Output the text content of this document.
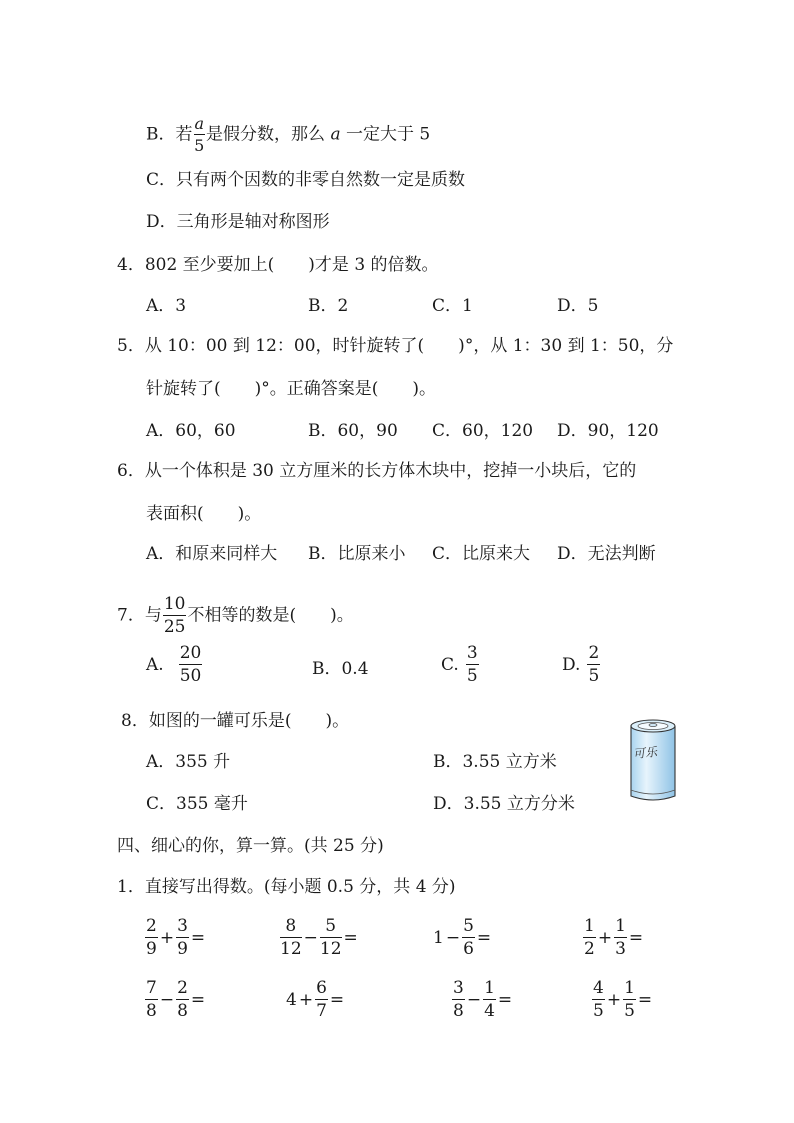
B．若 $\frac{a}{5}$ 是假分数，那么 a 一定大于 5
C．只有两个因数的非零自然数一定是质数
D．三角形是轴对称图形
4．802 至少要加上(　　)才是 3 的倍数。
A．3	B．2	C．1	D．5
5．从 10：00 到 12：00，时针旋转了(　　)°，从 1：30 到 1：50，分
针旋转了(　　)°。正确答案是(　　)。
A．60，60	B．60，90 C．60，120 D．90，120
6．从一个体积是 30 立方厘米的长方体木块中，挖掉一小块后，它的
表面积(　　)。
A．和原来同样大 B．比原来小 C．比原来大 D．无法判断
7．与 $\frac{10}{25}$ 不相等的数是(　　)。
A. $\frac{20}{50}$	B．0.4	C. $\frac{3}{5}$	D. $\frac{2}{5}$
8．如图的一罐可乐是(　　)。
A．355 升	B．3.55 立方米
C．355 毫升	D．3.55 立方分米
可乐
四、细心的你，算一算。(共 25 分)
1．直接写出得数。(每小题 0.5 分，共 4 分)
$\frac{2}{9} + \frac{3}{9}$ =	$\frac{8}{12} - \frac{5}{12}$ =	$1 - \frac{5}{6}$ =	$\frac{1}{2} + \frac{1}{3}$ =
$\frac{7}{8} - \frac{2}{8}$ =	$4 + \frac{6}{7}$ =	$\frac{3}{8} - \frac{1}{4}$ =	$\frac{4}{5} + \frac{1}{5}$ =
